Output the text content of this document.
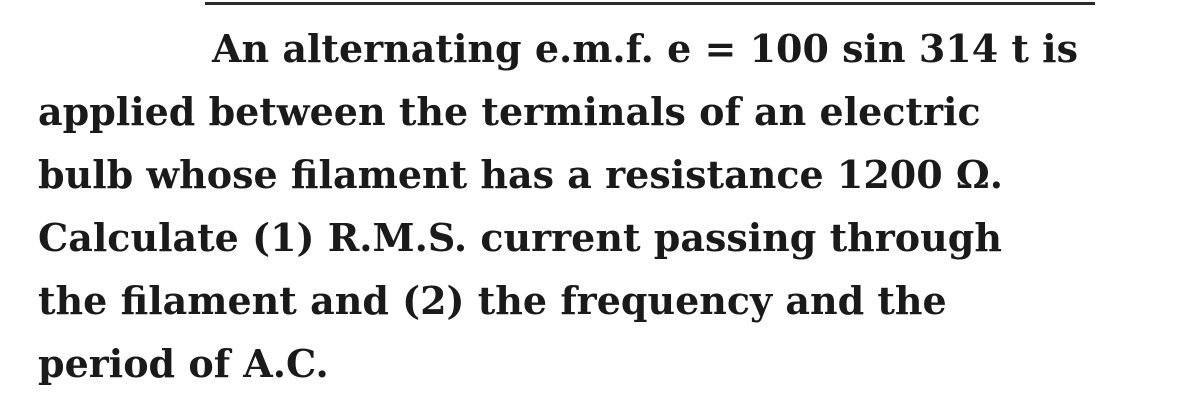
An alternating e.m.f. e = 100 sin 314 t is
applied between the terminals of an electric
bulb whose filament has a resistance 1200 Ω.
Calculate (1) R.M.S. current passing through
the filament and (2) the frequency and the
period of A.C.
